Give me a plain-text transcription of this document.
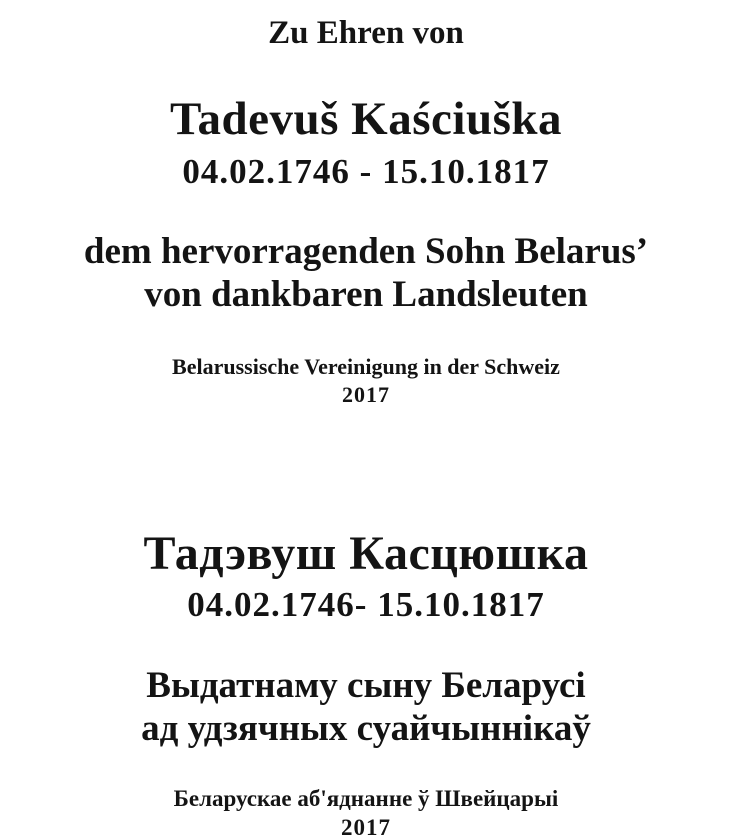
Zu Ehren von
Tadevuš Kaściuška
04.02.1746 - 15.10.1817
dem hervorragenden Sohn Belarus’
von dankbaren Landsleuten
Belarussische Vereinigung in der Schweiz
2017
Тадэвуш Касцюшка
04.02.1746- 15.10.1817
Выдатнаму сыну Беларусі
ад удзячных суайчыннікаў
Беларускае аб'яднанне ў Швейцарыі
2017
